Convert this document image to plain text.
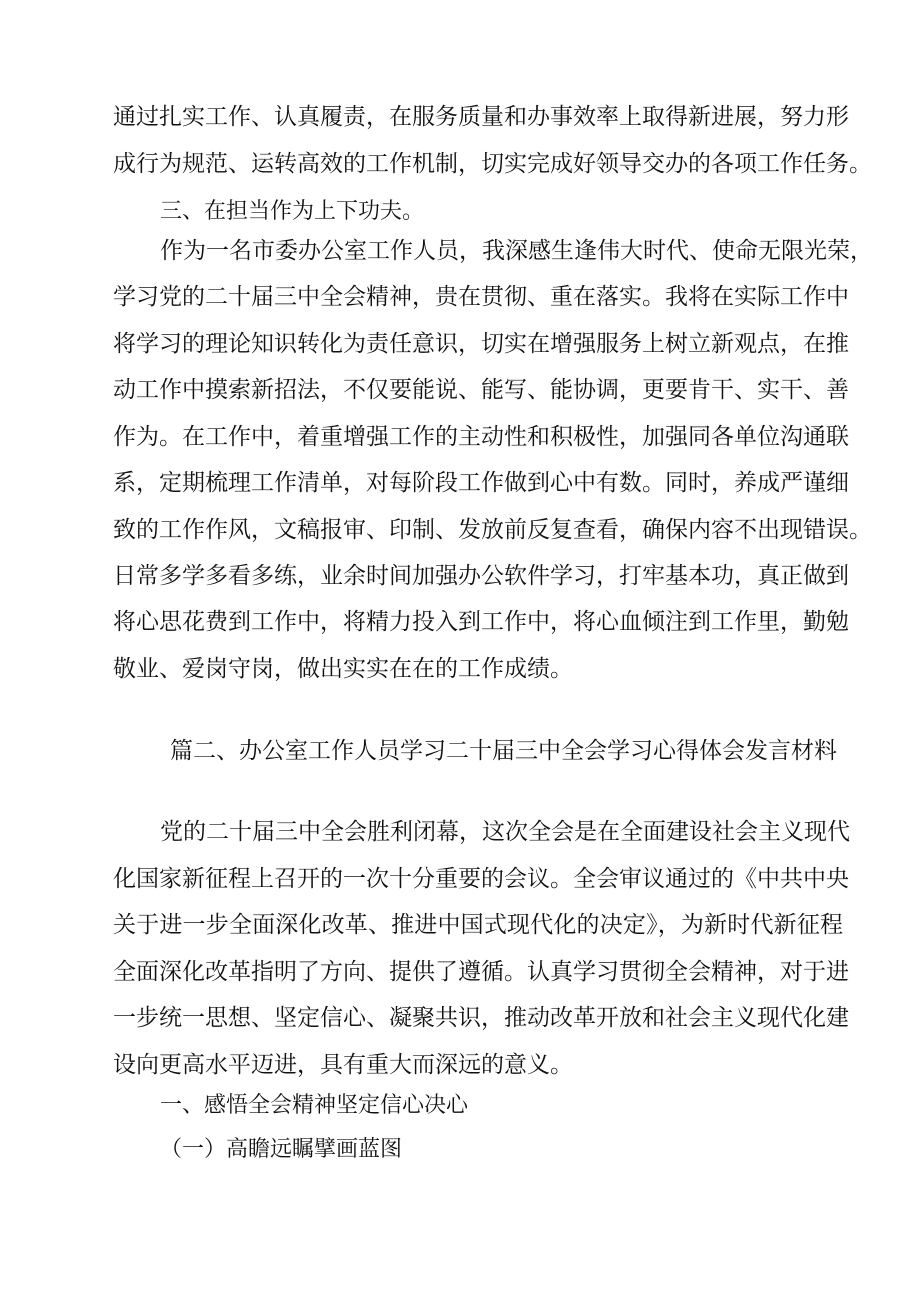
通过扎实工作、认真履责，在服务质量和办事效率上取得新进展，努力形
成行为规范、运转高效的工作机制，切实完成好领导交办的各项工作任务。
三、在担当作为上下功夫。
作为一名市委办公室工作人员，我深感生逢伟大时代、使命无限光荣，
学习党的二十届三中全会精神，贵在贯彻、重在落实。我将在实际工作中
将学习的理论知识转化为责任意识，切实在增强服务上树立新观点，在推
动工作中摸索新招法，不仅要能说、能写、能协调，更要肯干、实干、善
作为。在工作中，着重增强工作的主动性和积极性，加强同各单位沟通联
系，定期梳理工作清单，对每阶段工作做到心中有数。同时，养成严谨细
致的工作作风，文稿报审、印制、发放前反复查看，确保内容不出现错误。
日常多学多看多练，业余时间加强办公软件学习，打牢基本功，真正做到
将心思花费到工作中，将精力投入到工作中，将心血倾注到工作里，勤勉
敬业、爱岗守岗，做出实实在在的工作成绩。
篇二、办公室工作人员学习二十届三中全会学习心得体会发言材料
党的二十届三中全会胜利闭幕，这次全会是在全面建设社会主义现代
化国家新征程上召开的一次十分重要的会议。全会审议通过的《中共中央
关于进一步全面深化改革、推进中国式现代化的决定》，为新时代新征程
全面深化改革指明了方向、提供了遵循。认真学习贯彻全会精神，对于进
一步统一思想、坚定信心、凝聚共识，推动改革开放和社会主义现代化建
设向更高水平迈进，具有重大而深远的意义。
一、感悟全会精神坚定信心决心
（一）高瞻远瞩擘画蓝图
